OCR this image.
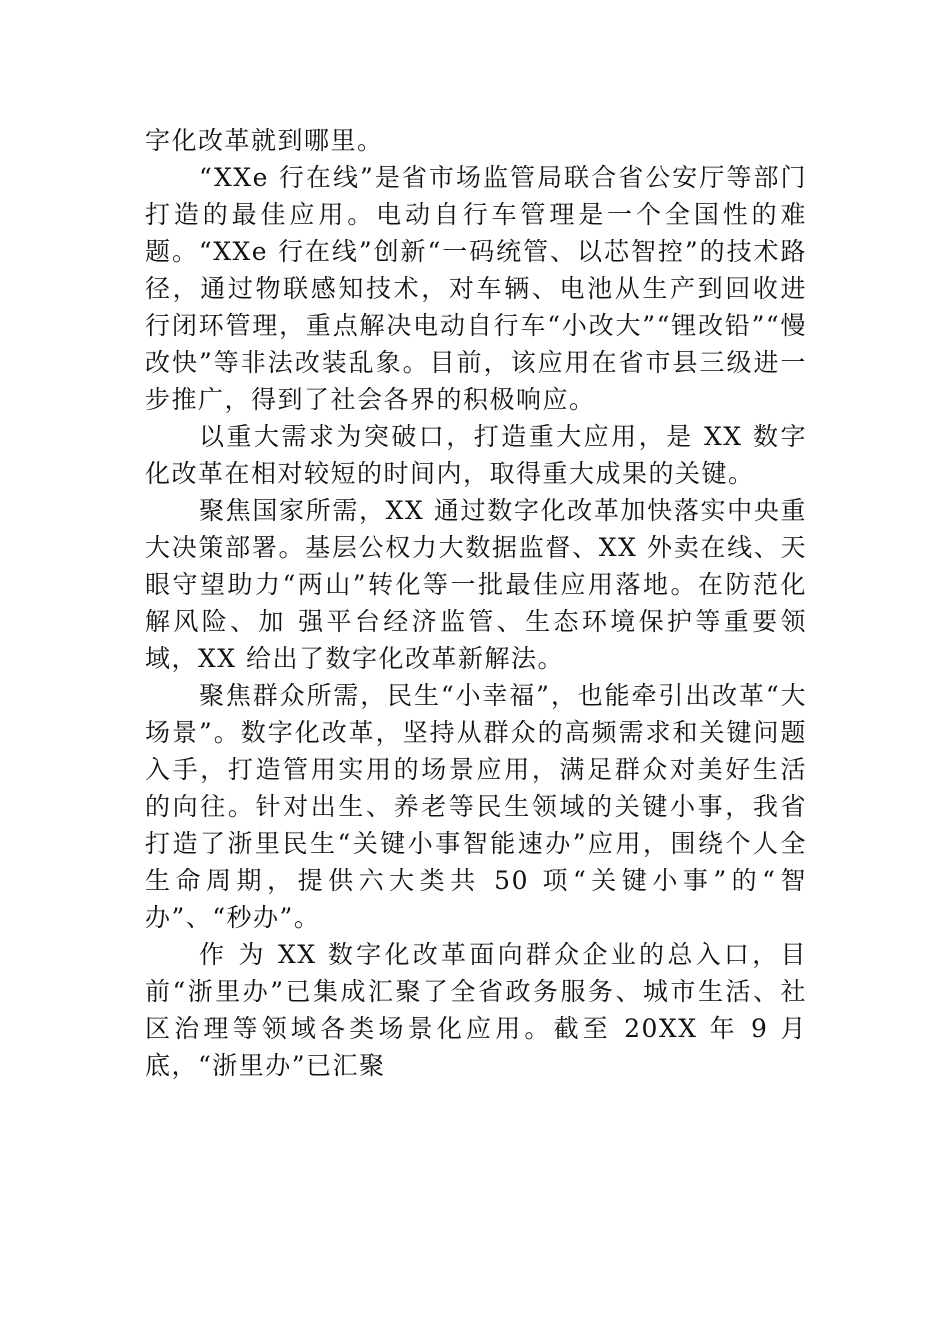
字化改革就到哪里。

“XXe 行在线”是省市场监管局联合省公安厅等部门打造的最佳应用。电动自行车管理是一个全国性的难题。“XXe 行在线”创新“一码统管、以芯智控”的技术路径，通过物联感知技术，对车辆、电池从生产到回收进行闭环管理，重点解决电动自行车“小改大”“锂改铅”“慢改快”等非法改装乱象。目前，该应用在省市县三级进一步推广，得到了社会各界的积极响应。

以重大需求为突破口，打造重大应用，是 XX 数字化改革在相对较短的时间内，取得重大成果的关键。

聚焦国家所需，XX 通过数字化改革加快落实中央重大决策部署。基层公权力大数据监督、XX 外卖在线、天眼守望助力“两山”转化等一批最佳应用落地。在防范化解风险、加 强平台经济监管、生态环境保护等重要领域，XX 给出了数字化改革新解法。

聚焦群众所需，民生“小幸福”，也能牵引出改革“大场景”。数字化改革，坚持从群众的高频需求和关键问题入手，打造管用实用的场景应用，满足群众对美好生活的向往。针对出生、养老等民生领域的关键小事，我省打造了浙里民生“关键小事智能速办”应用，围绕个人全生命周期，提供六大类共 50 项“关键小事”的“智办”、“秒办”。

作 为 XX 数字化改革面向群众企业的总入口，目前“浙里办”已集成汇聚了全省政务服务、城市生活、社区治理等领域各类场景化应用。截至 20XX 年 9 月底，“浙里办”已汇聚
